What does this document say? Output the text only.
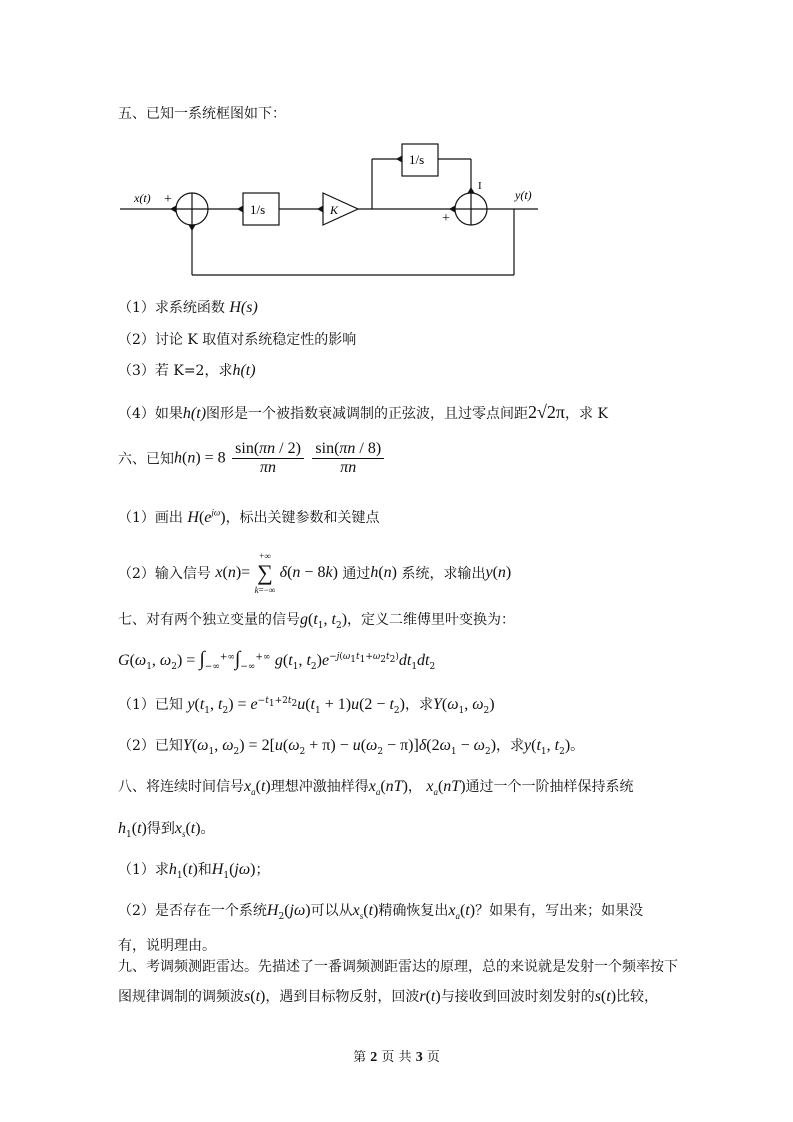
五、已知一系统框图如下：
x(t) +
1/s	K
1/s
I
+
y(t)
（1）求系统函数 H(s)
（2）讨论 K 取值对系统稳定性的影响
（3）若 K=2，求h(t)
（4）如果h(t)图形是一个被指数衰减调制的正弦波，且过零点间距2√2π，求 K
六、已知$h(n) = 8 \frac{\sin(\pi n / 2)}{\pi n}$
$\frac{\sin(\pi n / 8)}{\pi n}$
（1）画出 $H(e^{j\omega})$，标出关键参数和关键点
（2）输入信号 x(n)=
+∞
∑
k=−∞
δ(n − 8k) 通过h(n) 系统，求输出y(n)
七、对有两个独立变量的信号$g(t_1$, $t_2$)，定义二维傅里叶变换为：
$G(\omega_1$, $\omega_2) = \int_{-\infty}^{+\infty}\int_{-\infty}^{+\infty}$ $g(t_1$, $t_2)e^{-j(\omega_1t_1+\omega_2t_2)}dt_1dt_2$
（1）已知 $y(t_1$, $t_2) = e^{-t_1+2t_2}u(t_1 + 1)u(2 - t_2)$，求$Y(\omega_1$, $\omega_2$)
（2）已知$Y(\omega_1$, $\omega_2) = 2[u(\omega_2 + \pi) - u(\omega_2 - \pi)]\delta(2\omega_1 - \omega_2)$，求$y(t_1$, $t_2$)。
八、将连续时间信号$x_a(t)$理想冲激抽样得$x_a(nT)$， $x_a(nT)$通过一个一阶抽样保持系统
$h_1(t)$得到$x_s(t)$。
（1）求$h_1(t)$和$H_1(j\omega)$；
（2）是否存在一个系统$H_2(j\omega)$可以从$x_s(t)$精确恢复出$x_a(t)$？如果有，写出来；如果没
有，说明理由。
九、考调频测距雷达。先描述了一番调频测距雷达的原理，总的来说就是发射一个频率按下
图规律调制的调频波s(t)，遇到目标物反射，回波r(t)与接收到回波时刻发射的s(t)比较，
第 2 页 共 3 页
